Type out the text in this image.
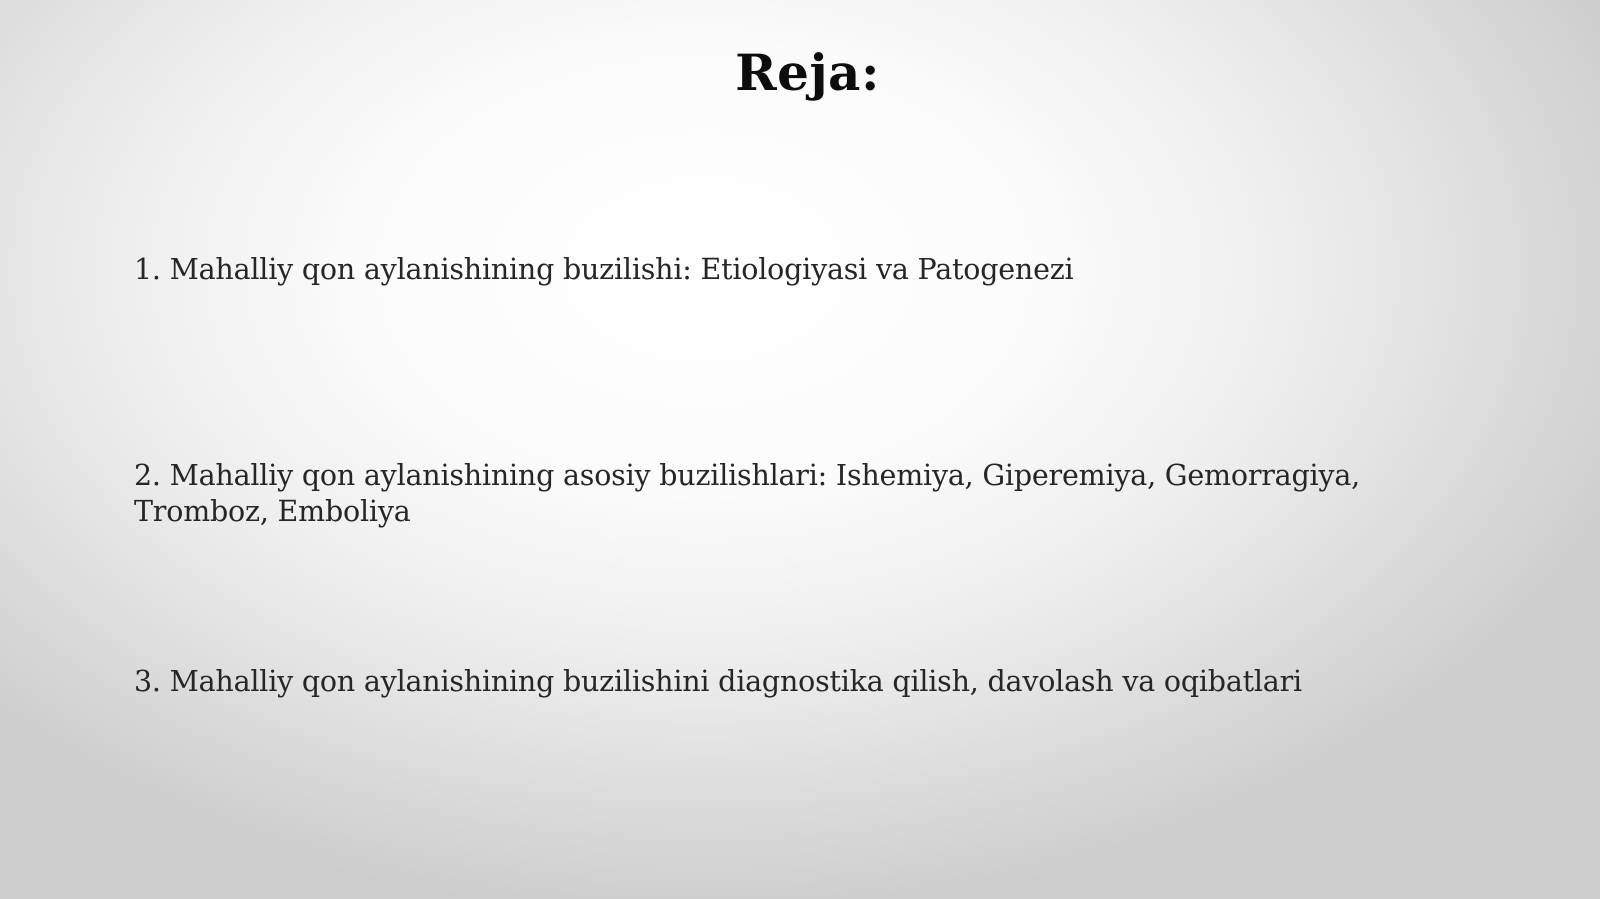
Reja:
1. Mahalliy qon aylanishining buzilishi: Etiologiyasi va Patogenezi
2. Mahalliy qon aylanishining asosiy buzilishlari: Ishemiya, Giperemiya, Gemorragiya, Tromboz, Emboliya
3. Mahalliy qon aylanishining buzilishini diagnostika qilish, davolash va oqibatlari
